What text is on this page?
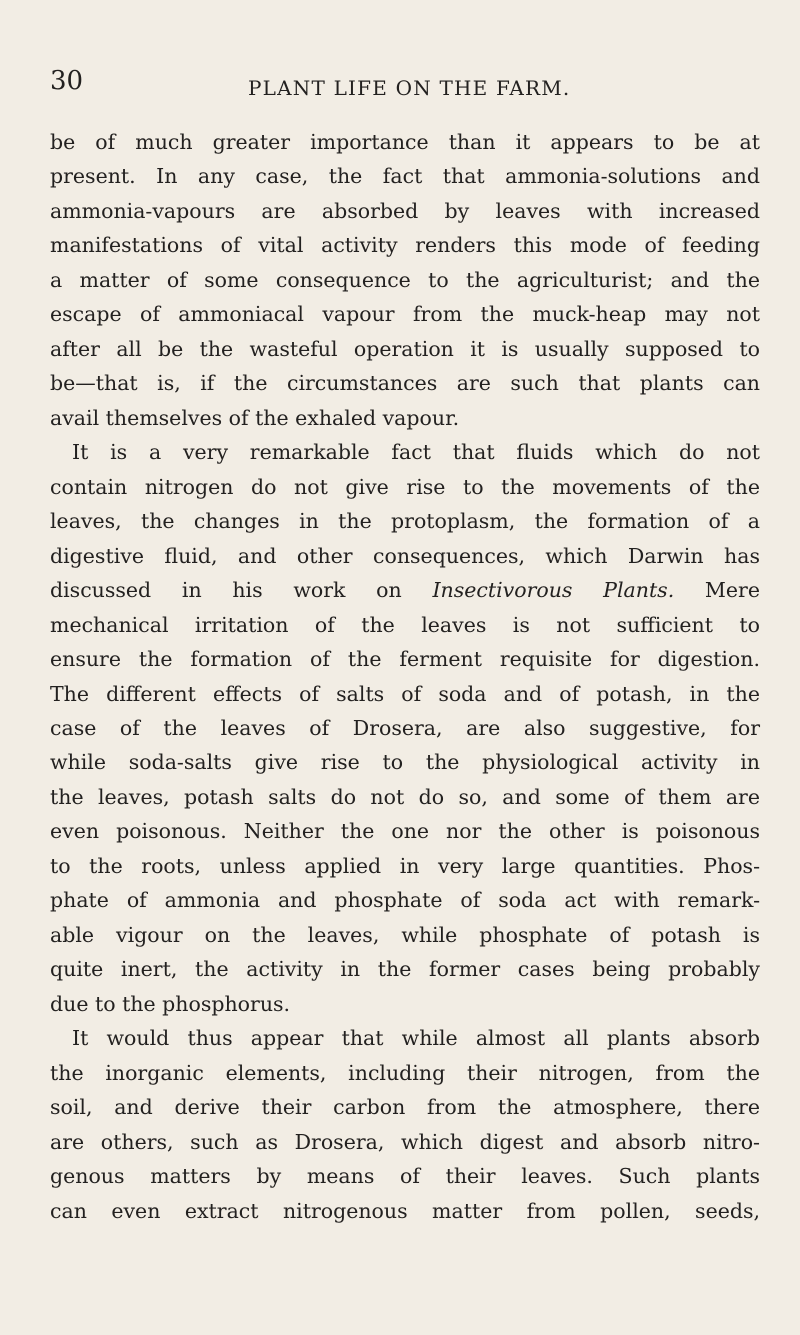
30	PLANT LIFE ON THE FARM.
be of much greater importance than it appears to be at
present. In any case, the fact that ammonia-solutions and
ammonia-vapours are absorbed by leaves with increased
manifestations of vital activity renders this mode of feeding
a matter of some consequence to the agriculturist; and the
escape of ammoniacal vapour from the muck-heap may not
after all be the wasteful operation it is usually supposed to
be—that is, if the circumstances are such that plants can
avail themselves of the exhaled vapour.
It is a very remarkable fact that fluids which do not
contain nitrogen do not give rise to the movements of the
leaves, the changes in the protoplasm, the formation of a
digestive fluid, and other consequences, which Darwin has
discussed in his work on Insectivorous Plants. Mere
mechanical irritation of the leaves is not sufficient to
ensure the formation of the ferment requisite for digestion.
The different effects of salts of soda and of potash, in the
case of the leaves of Drosera, are also suggestive, for
while soda-salts give rise to the physiological activity in
the leaves, potash salts do not do so, and some of them are
even poisonous. Neither the one nor the other is poisonous
to the roots, unless applied in very large quantities. Phos-
phate of ammonia and phosphate of soda act with remark-
able vigour on the leaves, while phosphate of potash is
quite inert, the activity in the former cases being probably
due to the phosphorus.
It would thus appear that while almost all plants absorb
the inorganic elements, including their nitrogen, from the
soil, and derive their carbon from the atmosphere, there
are others, such as Drosera, which digest and absorb nitro-
genous matters by means of their leaves. Such plants
can even extract nitrogenous matter from pollen, seeds,
